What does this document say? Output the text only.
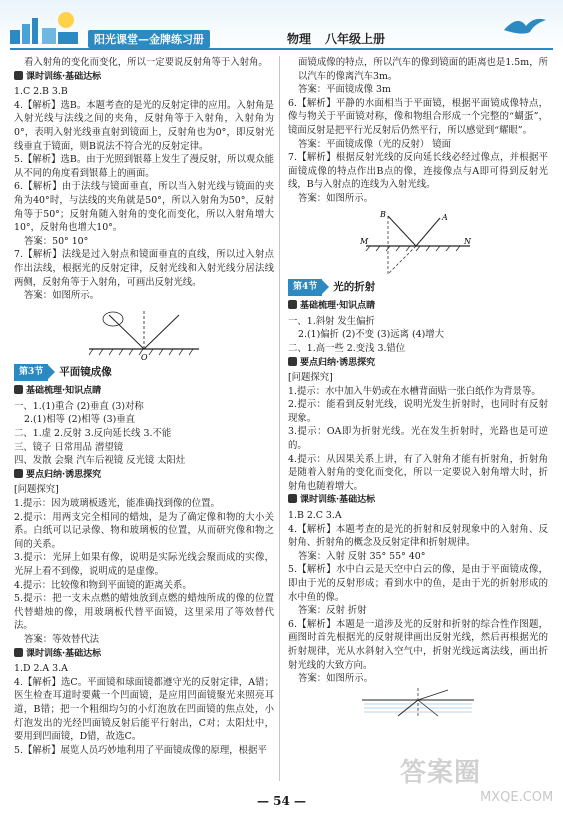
阳光课堂—金牌练习册	物理 八年级上册

看入射角的变化而变化，所以一定要说反射角等于入射角。

课时训练·基础达标

1.C 2.B 3.B

4.【解析】选B。本题考查的是光的反射定律的应用。入射角是入射光线与法线之间的夹角，反射角等于入射角，入射角为0°，表明入射光线垂直射到镜面上，反射角也为0°，即反射光线垂直于镜面，则B说法不符合光的反射定律。

5.【解析】选B。由于光照到银幕上发生了漫反射，所以观众能从不同的角度看到银幕上的画面。

6.【解析】由于法线与镜面垂直，所以当入射光线与镜面的夹角为40°时，与法线的夹角就是50°，所以入射角为50°，反射角等于50°；反射角随入射角的变化而变化，所以入射角增大10°，反射角也增大10°。

答案：50° 10°

7.【解析】法线是过入射点和镜面垂直的直线，所以过入射点作出法线，根据光的反射定律，反射光线和入射光线分居法线两侧，反射角等于入射角，可画出反射光线。

答案：如图所示。

O
第3节	平面镜成像
基础梳理·知识点睛

一、1.(1)重合 (2)垂直 (3)对称

2.(1)相等 (2)相等 (3)垂直

二、1.虚 2.反射 3.反向延长线 3.不能

三、镜子 日常用品 潜望镜

四、发散 会聚 汽车后视镜 反光镜 太阳灶

要点归纳·诱思探究

[问题探究]

1.提示：因为玻璃板透光，能准确找到像的位置。

2.提示：用两支完全相同的蜡烛，是为了确定像和物的大小关系。白纸可以记录像、物和玻璃板的位置，从而研究像和物之间的关系。

3.提示：光屏上如果有像，说明是实际光线会聚而成的实像，光屏上看不到像，说明成的是虚像。

4.提示：比较像和物到平面镜的距离关系。

5.提示：把一支未点燃的蜡烛放到点燃的蜡烛所成的像的位置代替蜡烛的像，用玻璃板代替平面镜，这里采用了等效替代法。

答案：等效替代法

课时训练·基础达标

1.D 2.A 3.A

4.【解析】选C。平面镜和球面镜都遵守光的反射定律，A错；医生检查耳道时要戴一个凹面镜，是应用凹面镜聚光来照亮耳道，B错；把一个粗细均匀的小灯泡放在凹面镜的焦点处，小灯泡发出的光经凹面镜反射后能平行射出，C对；太阳灶中，要用到凹面镜，D错，故选C。

5.【解析】展览人员巧妙地利用了平面镜成像的原理，根据平

面镜成像的特点，所以汽车的像到镜面的距离也是1.5m，所以汽车的像离汽车3m。

答案：平面镜成像 3m

6.【解析】平静的水面相当于平面镜，根据平面镜成像特点，像与物关于平面镜对称，像和物组合形成一个完整的“蝴蛋”，镜面反射是把平行光反射后仍然平行，所以感觉到“耀眼”。

答案：平面镜成像（光的反射） 镜面

7.【解析】根据反射光线的反向延长线必经过像点，并根据平面镜成像的特点作出B点的像，连接像点与A即可得到反射光线，B与入射点的连线为入射光线。

答案：如图所示。

B	A
M	N
第4节	光的折射
基础梳理·知识点睛

一、1.斜射 发生偏折

2.(1)偏折 (2)不变 (3)远离 (4)增大

二、1.高一些 2.变浅 3.错位

要点归纳·诱思探究

[问题探究]

1.提示：水中加入牛奶或在水槽背面贴一张白纸作为背景等。

2.提示：能看到反射光线，说明光发生折射时，也同时有反射现象。

3.提示：OA即为折射光线。光在发生折射时，光路也是可逆的。

4.提示：从因果关系上讲，有了入射角才能有折射角，折射角是随着入射角的变化而变化，所以一定要说入射角增大时，折射角也随着增大。

课时训练·基础达标

1.B 2.C 3.A

4.【解析】本题考查的是光的折射和反射现象中的入射角、反射角、折射角的概念及反射定律和折射规律。

答案：入射 反射 35° 55° 40°

5.【解析】水中白云是天空中白云的像，是由于平面镜成像，即由于光的反射形成；看到水中的鱼，是由于光的折射形成的水中鱼的像。

答案：反射 折射

6.【解析】本题是一道涉及光的反射和折射的综合性作图题，画图时首先根据光的反射规律画出反射光线，然后再根据光的折射规律，光从水斜射入空气中，折射光线远离法线，画出折射光线的大致方向。

答案：如图所示。

答案圈
MXQE.COM
— 54 —
